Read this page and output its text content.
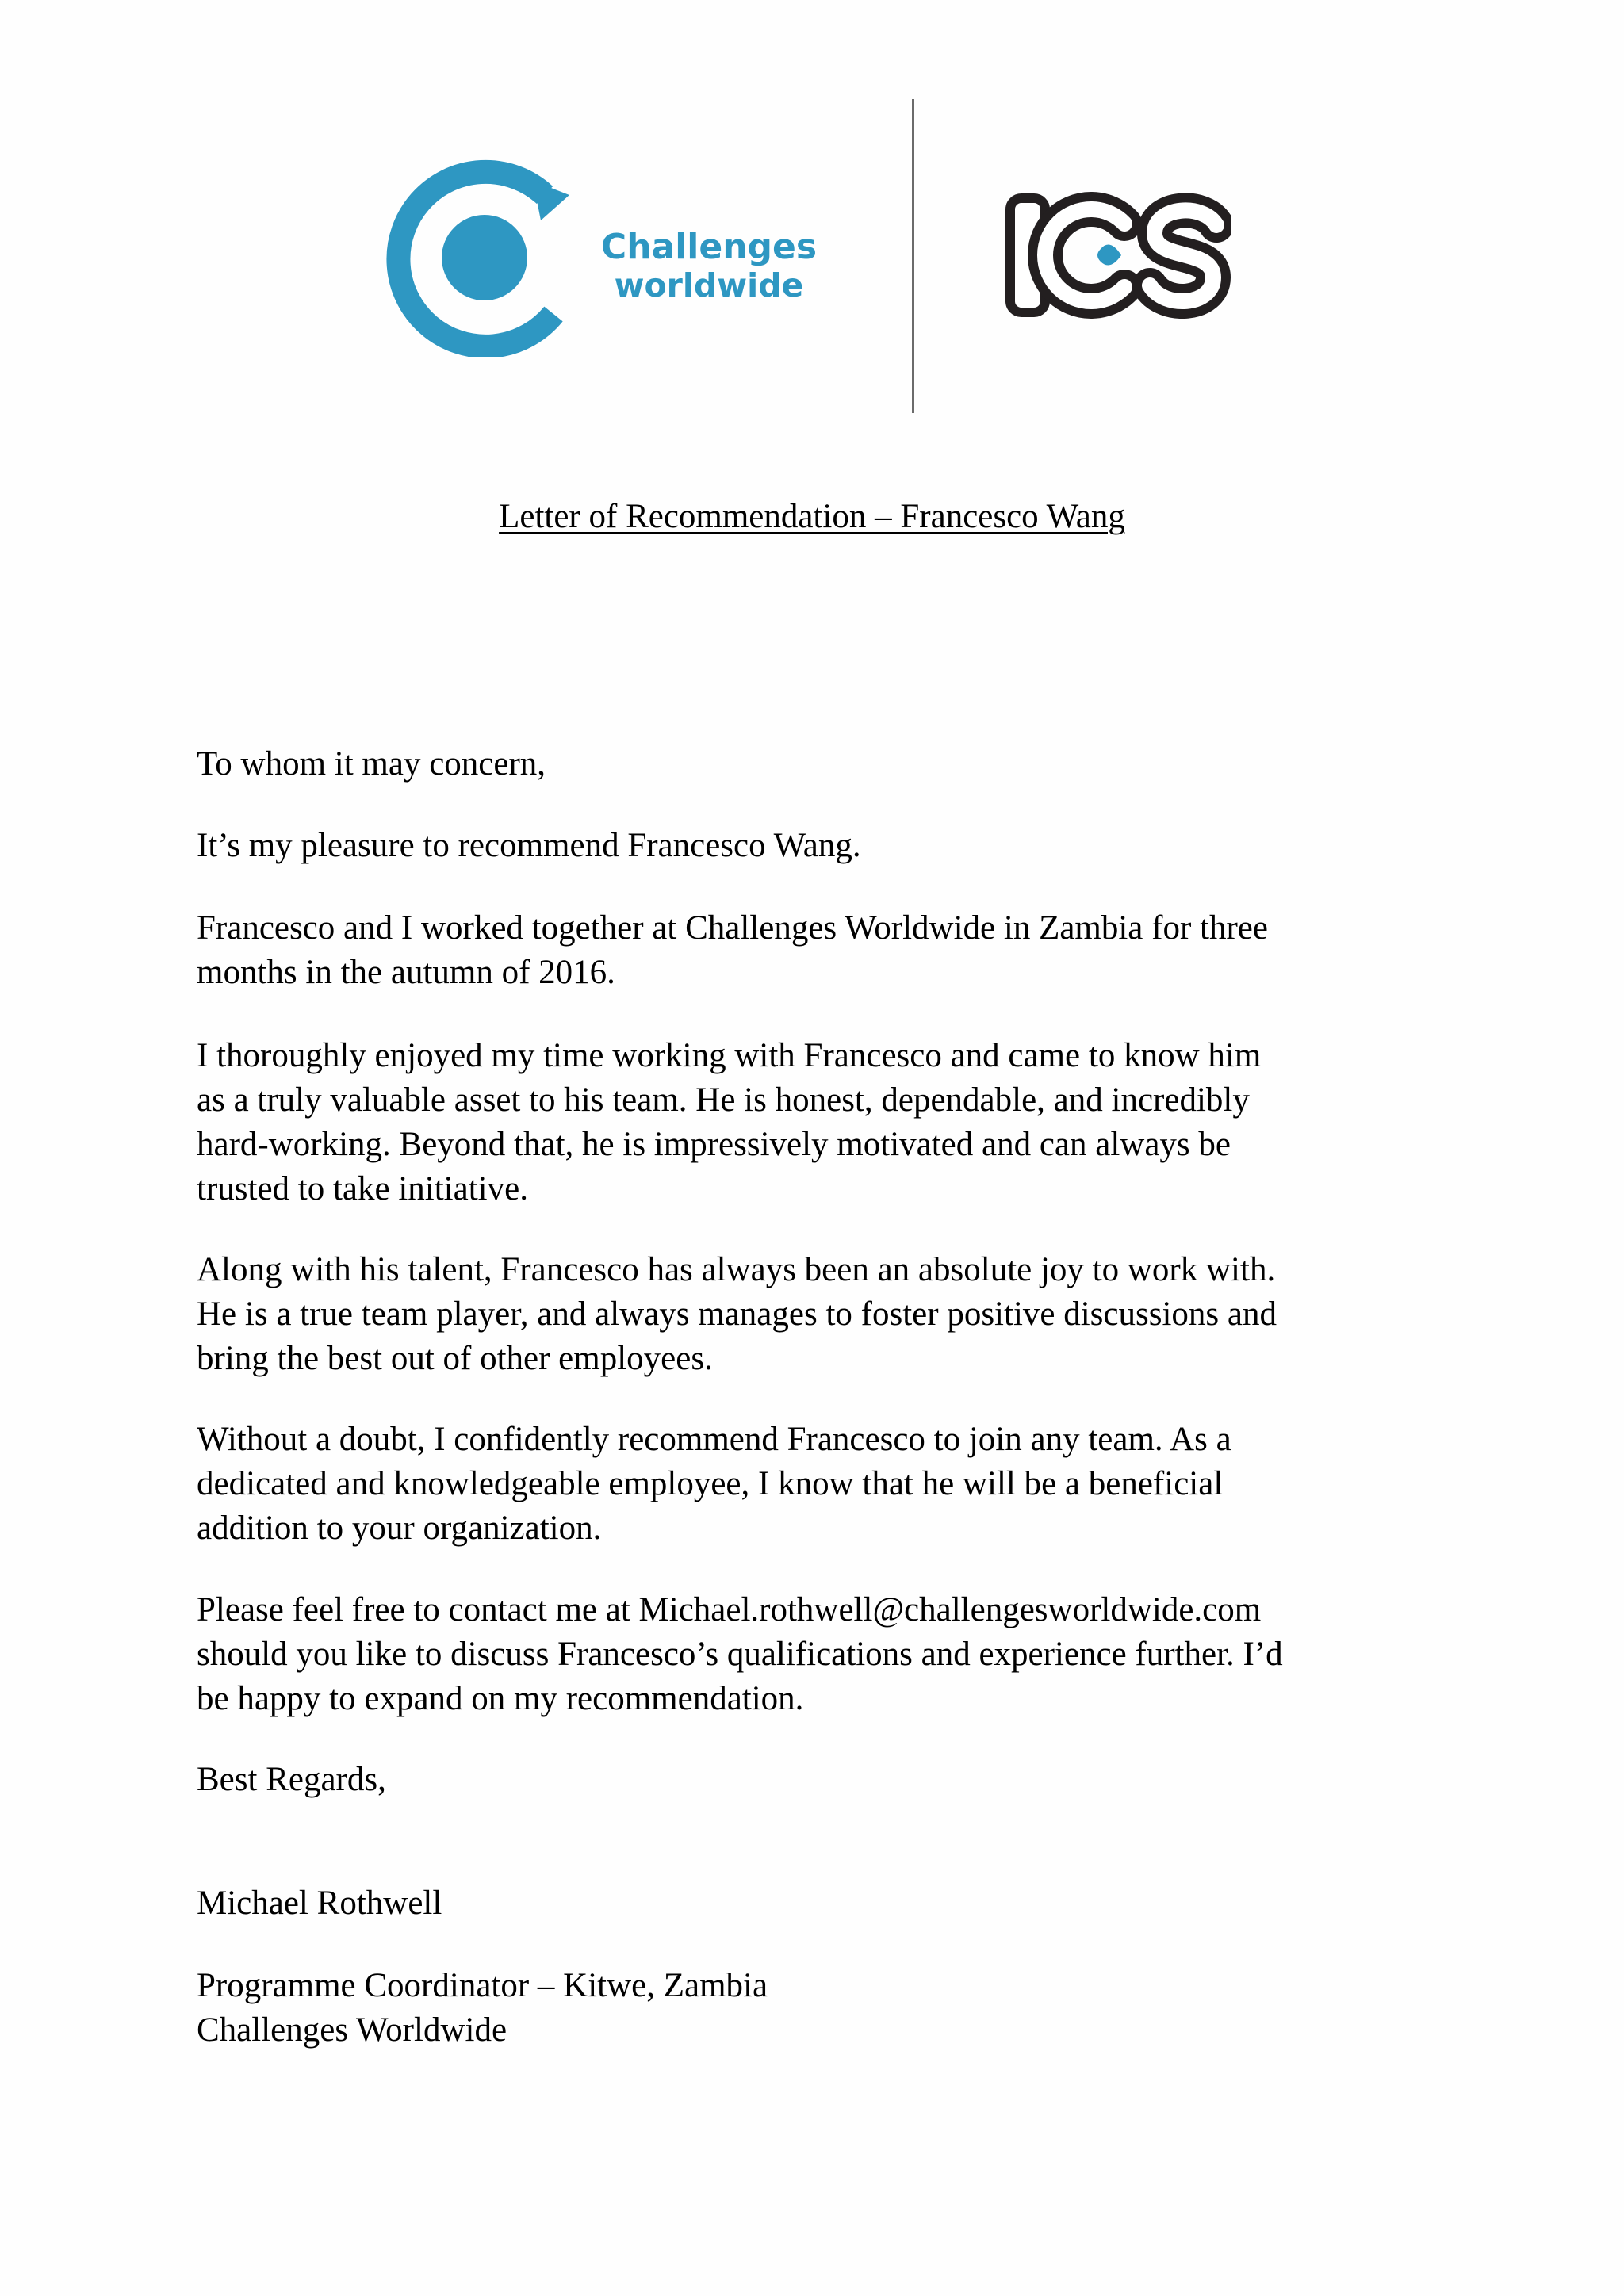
Challenges
worldwide
Letter of Recommendation – Francesco Wang
To whom it may concern,
It’s my pleasure to recommend Francesco Wang.
Francesco and I worked together at Challenges Worldwide in Zambia for three
months in the autumn of 2016.
I thoroughly enjoyed my time working with Francesco and came to know him
as a truly valuable asset to his team. He is honest, dependable, and incredibly
hard-working. Beyond that, he is impressively motivated and can always be
trusted to take initiative.
Along with his talent, Francesco has always been an absolute joy to work with.
He is a true team player, and always manages to foster positive discussions and
bring the best out of other employees.
Without a doubt, I confidently recommend Francesco to join any team. As a
dedicated and knowledgeable employee, I know that he will be a beneficial
addition to your organization.
Please feel free to contact me at Michael.rothwell@challengesworldwide.com
should you like to discuss Francesco’s qualifications and experience further. I’d
be happy to expand on my recommendation.
Best Regards,
Michael Rothwell
Programme Coordinator – Kitwe, Zambia
Challenges Worldwide
